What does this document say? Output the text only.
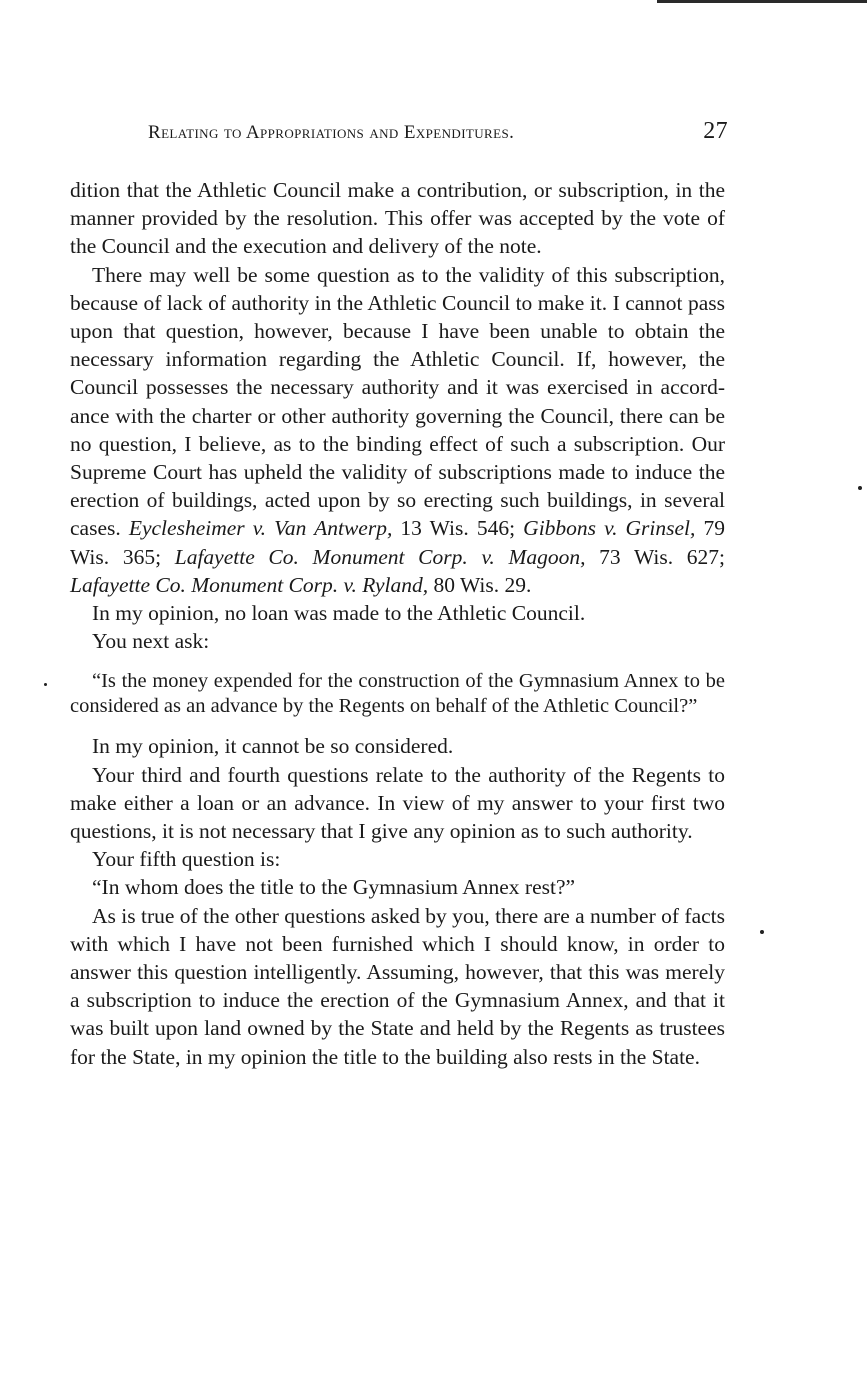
Relating to Appropriations and Expenditures.	27

dition that the Athletic Council make a contribution, or subscription, in the manner provided by the resolution. This offer was accepted by the vote of the Council and the execution and delivery of the note.

There may well be some question as to the validity of this subscription, because of lack of authority in the Athletic Council to make it. I cannot pass upon that question, however, because I have been unable to obtain the necessary information regarding the Athletic Council. If, however, the Council possesses the necessary authority and it was exercised in accordance with the charter or other authority governing the Council, there can be no question, I believe, as to the binding effect of such a subscription. Our Supreme Court has upheld the validity of subscriptions made to induce the erection of buildings, acted upon by so erecting such buildings, in several cases. Eyclesheimer v. Van Antwerp, 13 Wis. 546; Gibbons v. Grinsel, 79 Wis. 365; Lafayette Co. Monument Corp. v. Magoon, 73 Wis. 627; Lafayette Co. Monument Corp. v. Ryland, 80 Wis. 29.

In my opinion, no loan was made to the Athletic Council.

You next ask:

“Is the money expended for the construction of the Gymnasium Annex to be considered as an advance by the Regents on behalf of the Athletic Council?”

In my opinion, it cannot be so considered.

Your third and fourth questions relate to the authority of the Regents to make either a loan or an advance. In view of my answer to your first two questions, it is not necessary that I give any opinion as to such authority.

Your fifth question is:

“In whom does the title to the Gymnasium Annex rest?”

As is true of the other questions asked by you, there are a number of facts with which I have not been furnished which I should know, in order to answer this question intelligently. Assuming, however, that this was merely a subscription to induce the erection of the Gymnasium Annex, and that it was built upon land owned by the State and held by the Regents as trustees for the State, in my opinion the title to the building also rests in the State.
